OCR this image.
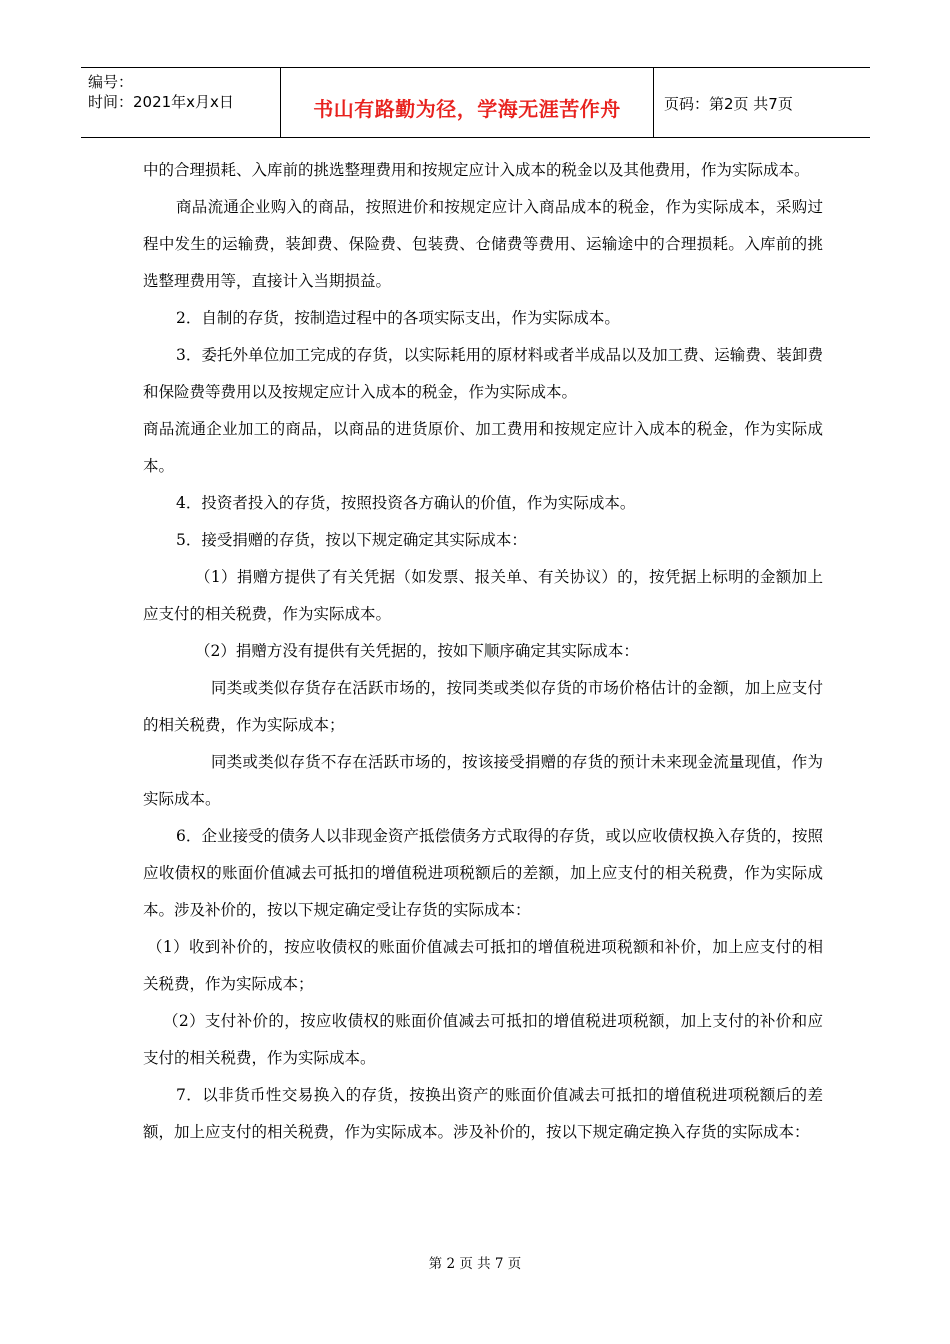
编号：
时间：2021年x月x日	书山有路勤为径，学海无涯苦作舟	页码：第2页 共7页

中的合理损耗、入库前的挑选整理费用和按规定应计入成本的税金以及其他费用，作为实际成本。

商品流通企业购入的商品，按照进价和按规定应计入商品成本的税金，作为实际成本，采购过程中发生的运输费，装卸费、保险费、包装费、仓储费等费用、运输途中的合理损耗。入库前的挑选整理费用等，直接计入当期损益。

2．自制的存货，按制造过程中的各项实际支出，作为实际成本。

3．委托外单位加工完成的存货，以实际耗用的原材料或者半成品以及加工费、运输费、装卸费和保险费等费用以及按规定应计入成本的税金，作为实际成本。

商品流通企业加工的商品，以商品的进货原价、加工费用和按规定应计入成本的税金，作为实际成本。

4．投资者投入的存货，按照投资各方确认的价值，作为实际成本。

5．接受捐赠的存货，按以下规定确定其实际成本：

（1）捐赠方提供了有关凭据（如发票、报关单、有关协议）的，按凭据上标明的金额加上应支付的相关税费，作为实际成本。

（2）捐赠方没有提供有关凭据的，按如下顺序确定其实际成本：

同类或类似存货存在活跃市场的，按同类或类似存货的市场价格估计的金额，加上应支付的相关税费，作为实际成本；

同类或类似存货不存在活跃市场的，按该接受捐赠的存货的预计未来现金流量现值，作为实际成本。

6．企业接受的债务人以非现金资产抵偿债务方式取得的存货，或以应收债权换入存货的，按照应收债权的账面价值减去可抵扣的增值税进项税额后的差额，加上应支付的相关税费，作为实际成本。涉及补价的，按以下规定确定受让存货的实际成本：

（1）收到补价的，按应收债权的账面价值减去可抵扣的增值税进项税额和补价，加上应支付的相关税费，作为实际成本；

（2）支付补价的，按应收债权的账面价值减去可抵扣的增值税进项税额，加上支付的补价和应支付的相关税费，作为实际成本。

7．以非货币性交易换入的存货，按换出资产的账面价值减去可抵扣的增值税进项税额后的差额，加上应支付的相关税费，作为实际成本。涉及补价的，按以下规定确定换入存货的实际成本：

第 2 页 共 7 页
